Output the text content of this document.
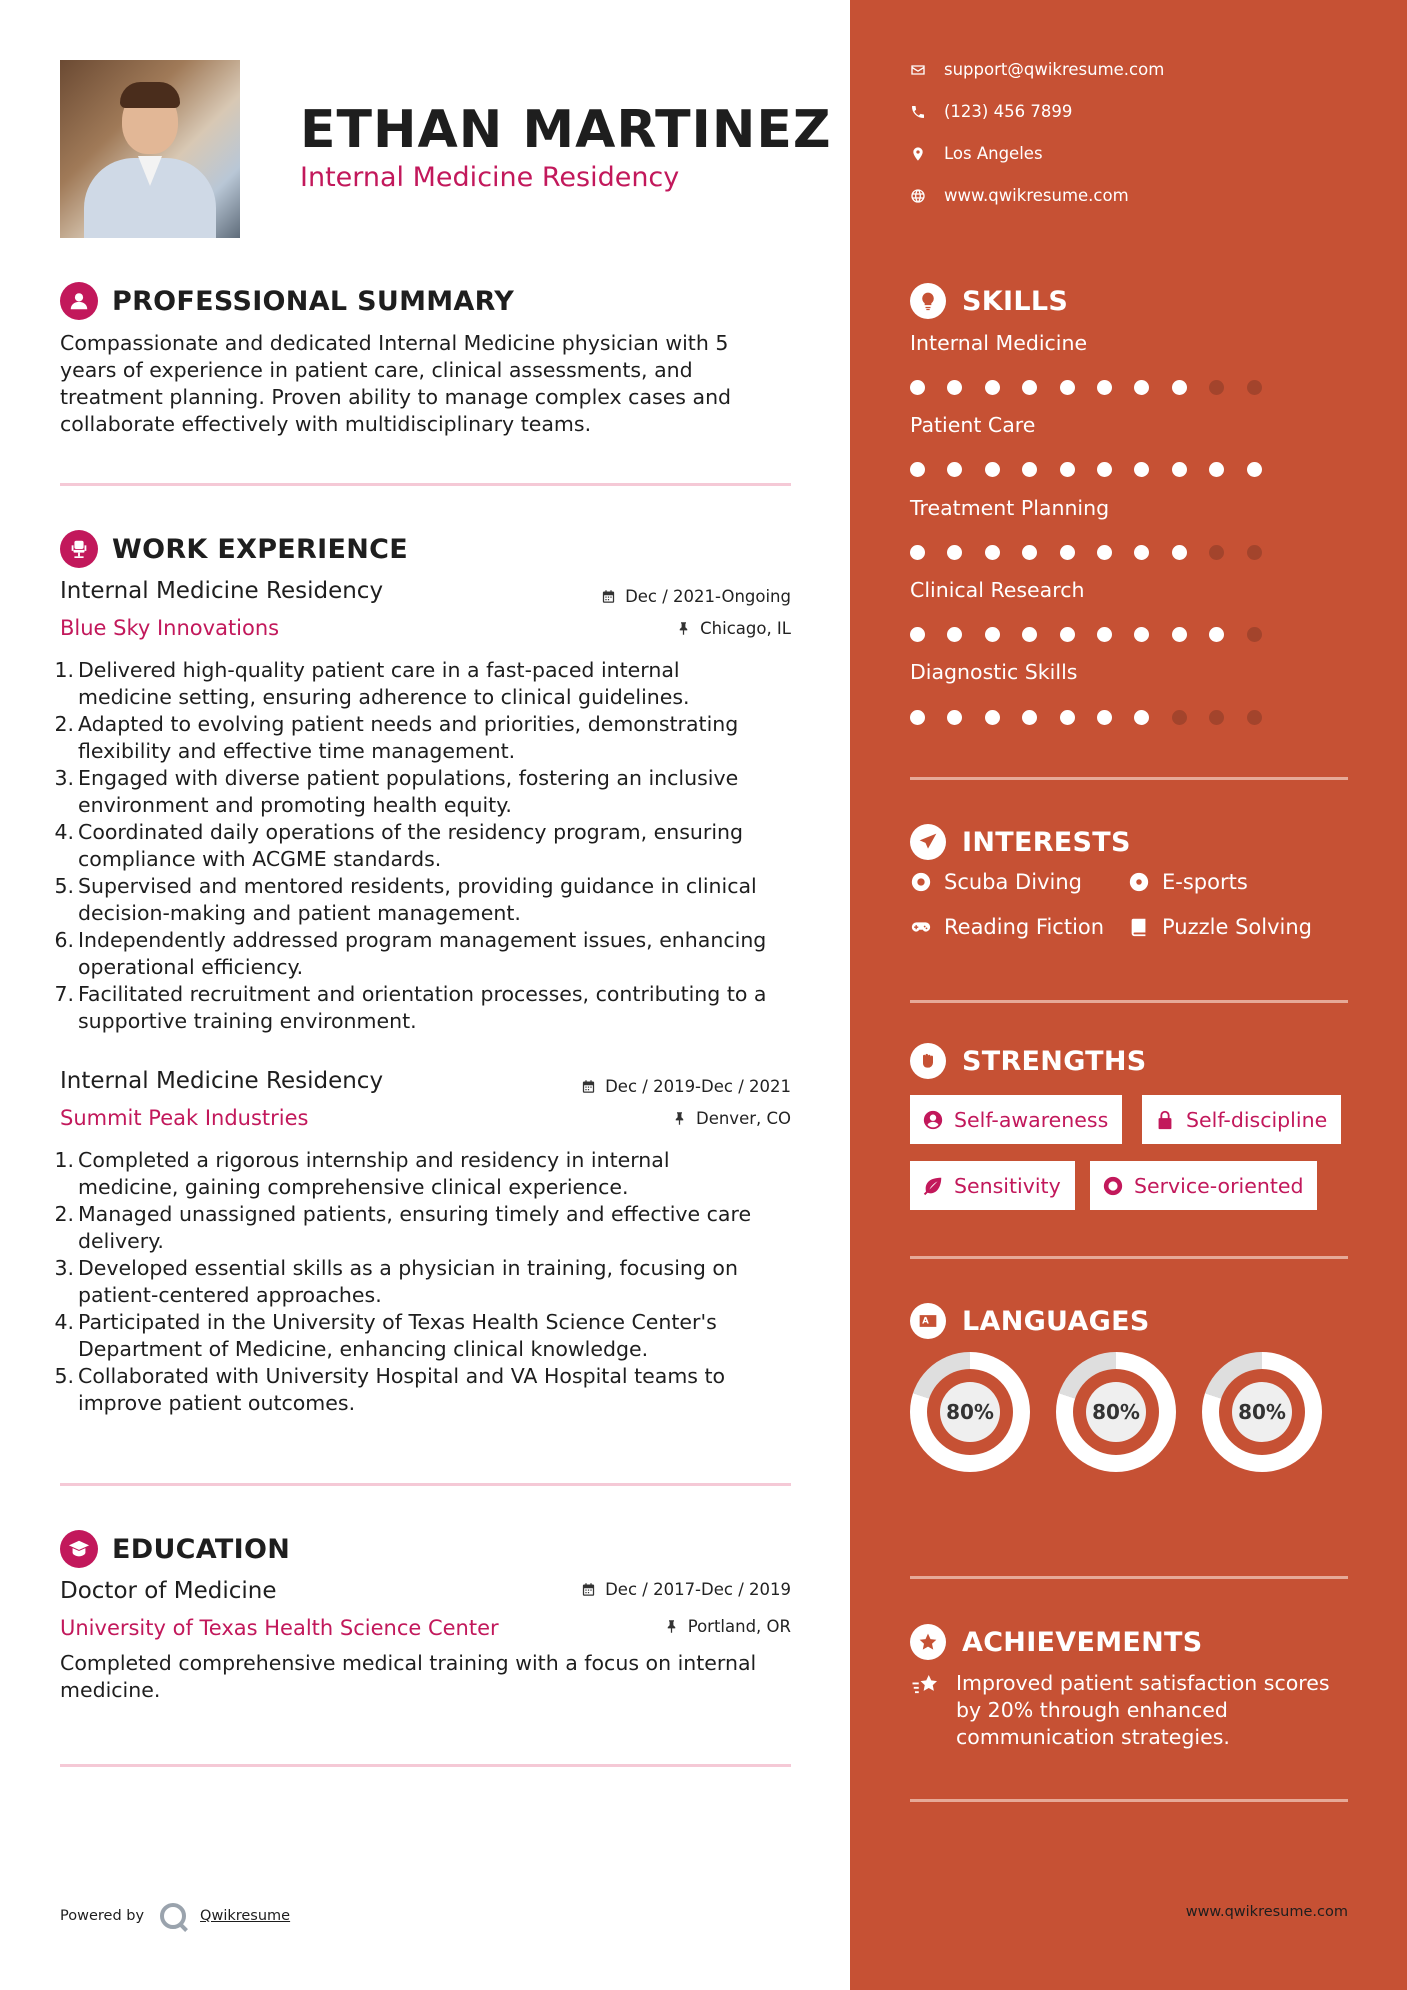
ETHAN MARTINEZ
Internal Medicine Residency
PROFESSIONAL SUMMARY
Compassionate and dedicated Internal Medicine physician with 5 years of experience in patient care, clinical assessments, and treatment planning. Proven ability to manage complex cases and collaborate effectively with multidisciplinary teams.
WORK EXPERIENCE
Internal Medicine Residency	Dec / 2021-Ongoing
Blue Sky Innovations	Chicago, IL
1. Delivered high-quality patient care in a fast-paced internal
medicine setting, ensuring adherence to clinical guidelines.
2. Adapted to evolving patient needs and priorities, demonstrating
flexibility and effective time management.
3. Engaged with diverse patient populations, fostering an inclusive
environment and promoting health equity.
4. Coordinated daily operations of the residency program, ensuring
compliance with ACGME standards.
5. Supervised and mentored residents, providing guidance in clinical
decision-making and patient management.
6. Independently addressed program management issues, enhancing
operational efficiency.
7. Facilitated recruitment and orientation processes, contributing to a
supportive training environment.
Internal Medicine Residency	Dec / 2019-Dec / 2021
Summit Peak Industries	Denver, CO
1. Completed a rigorous internship and residency in internal
medicine, gaining comprehensive clinical experience.
2. Managed unassigned patients, ensuring timely and effective care
delivery.
3. Developed essential skills as a physician in training, focusing on
patient-centered approaches.
4. Participated in the University of Texas Health Science Center's
Department of Medicine, enhancing clinical knowledge.
5. Collaborated with University Hospital and VA Hospital teams to
improve patient outcomes.
EDUCATION
Doctor of Medicine	Dec / 2017-Dec / 2019
University of Texas Health Science Center	Portland, OR
Completed comprehensive medical training with a focus on internal medicine.
Powered by	Qwikresume
support@qwikresume.com
(123) 456 7899
Los Angeles
www.qwikresume.com
SKILLS
Internal Medicine
Patient Care
Treatment Planning
Clinical Research
Diagnostic Skills
INTERESTS
Scuba Diving	E-sports
Reading Fiction	Puzzle Solving
STRENGTHS
Self-awareness	Self-discipline
Sensitivity	Service-oriented
LANGUAGES
80%	80%	80%

ACHIEVEMENTS
Improved patient satisfaction scores by 20% through enhanced communication strategies.
www.qwikresume.com
